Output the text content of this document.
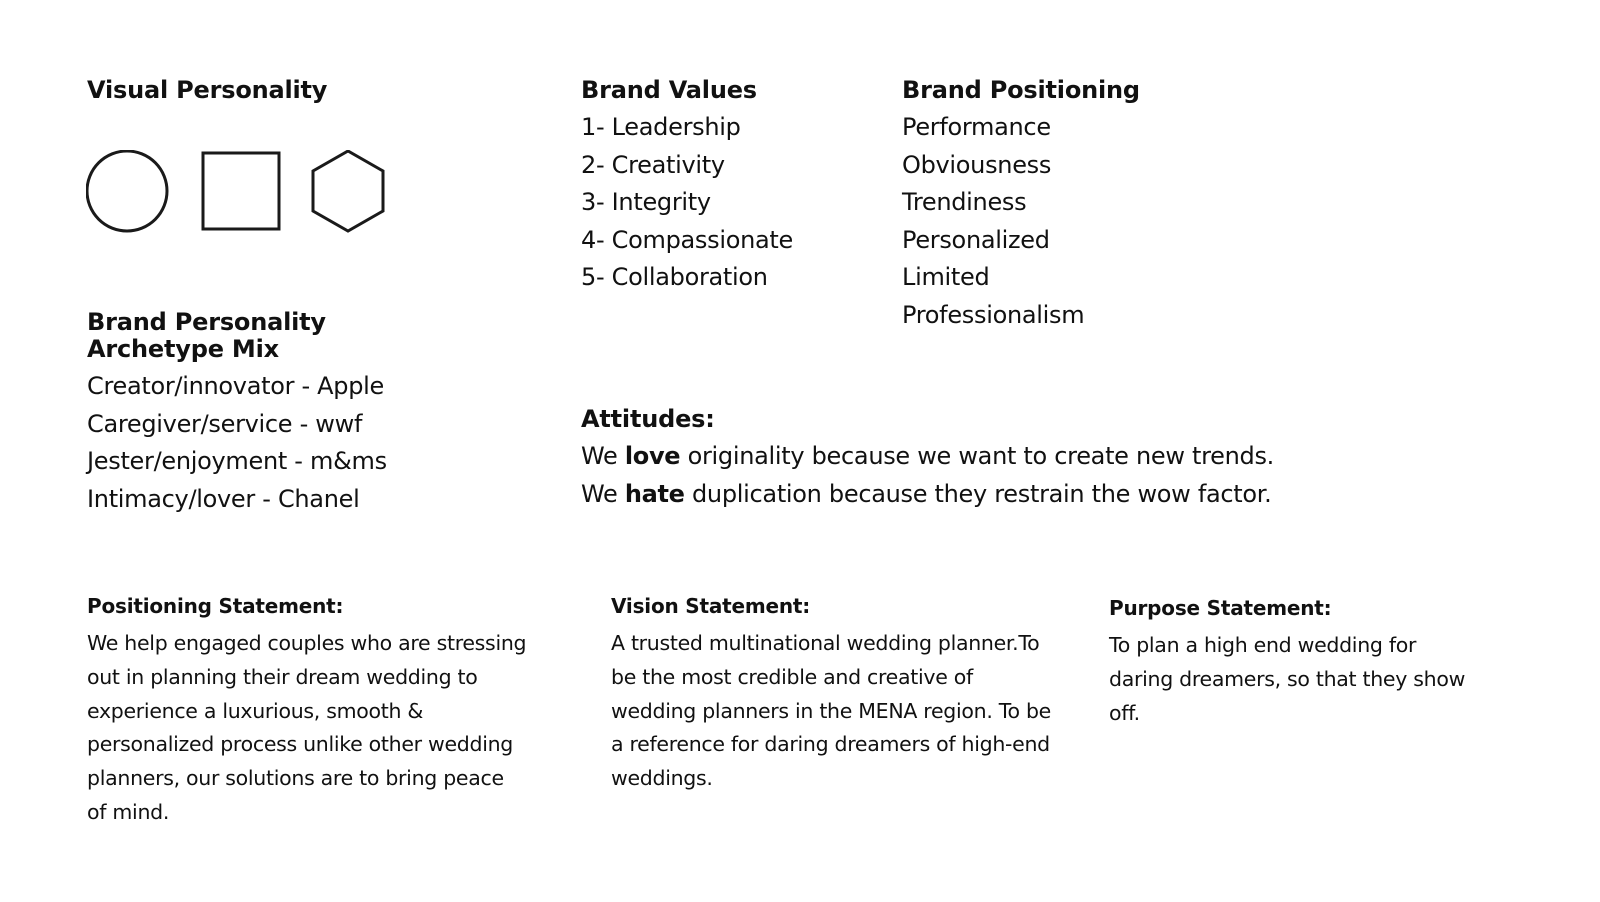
Visual Personality	Brand Values
1- Leadership
2- Creativity
3- Integrity
4- Compassionate
5- Collaboration
Brand Positioning
Performance
Obviousness
Trendiness
Personalized
Limited
Professionalism
Brand Personality
Archetype Mix
Creator/innovator - Apple
Caregiver/service - wwf
Jester/enjoyment - m&ms
Intimacy/lover - Chanel
Attitudes:
We love originality because we want to create new trends.
We hate duplication because they restrain the wow factor.
Positioning Statement:

We help engaged couples who are stressing out in planning their dream wedding to experience a luxurious, smooth & personalized process unlike other wedding planners, our solutions are to bring peace of mind.

Vision Statement:

A trusted multinational wedding planner.To be the most credible and creative of wedding planners in the MENA region. To be a reference for daring dreamers of high-end weddings.

Purpose Statement:

To plan a high end wedding for daring dreamers, so that they show off.
